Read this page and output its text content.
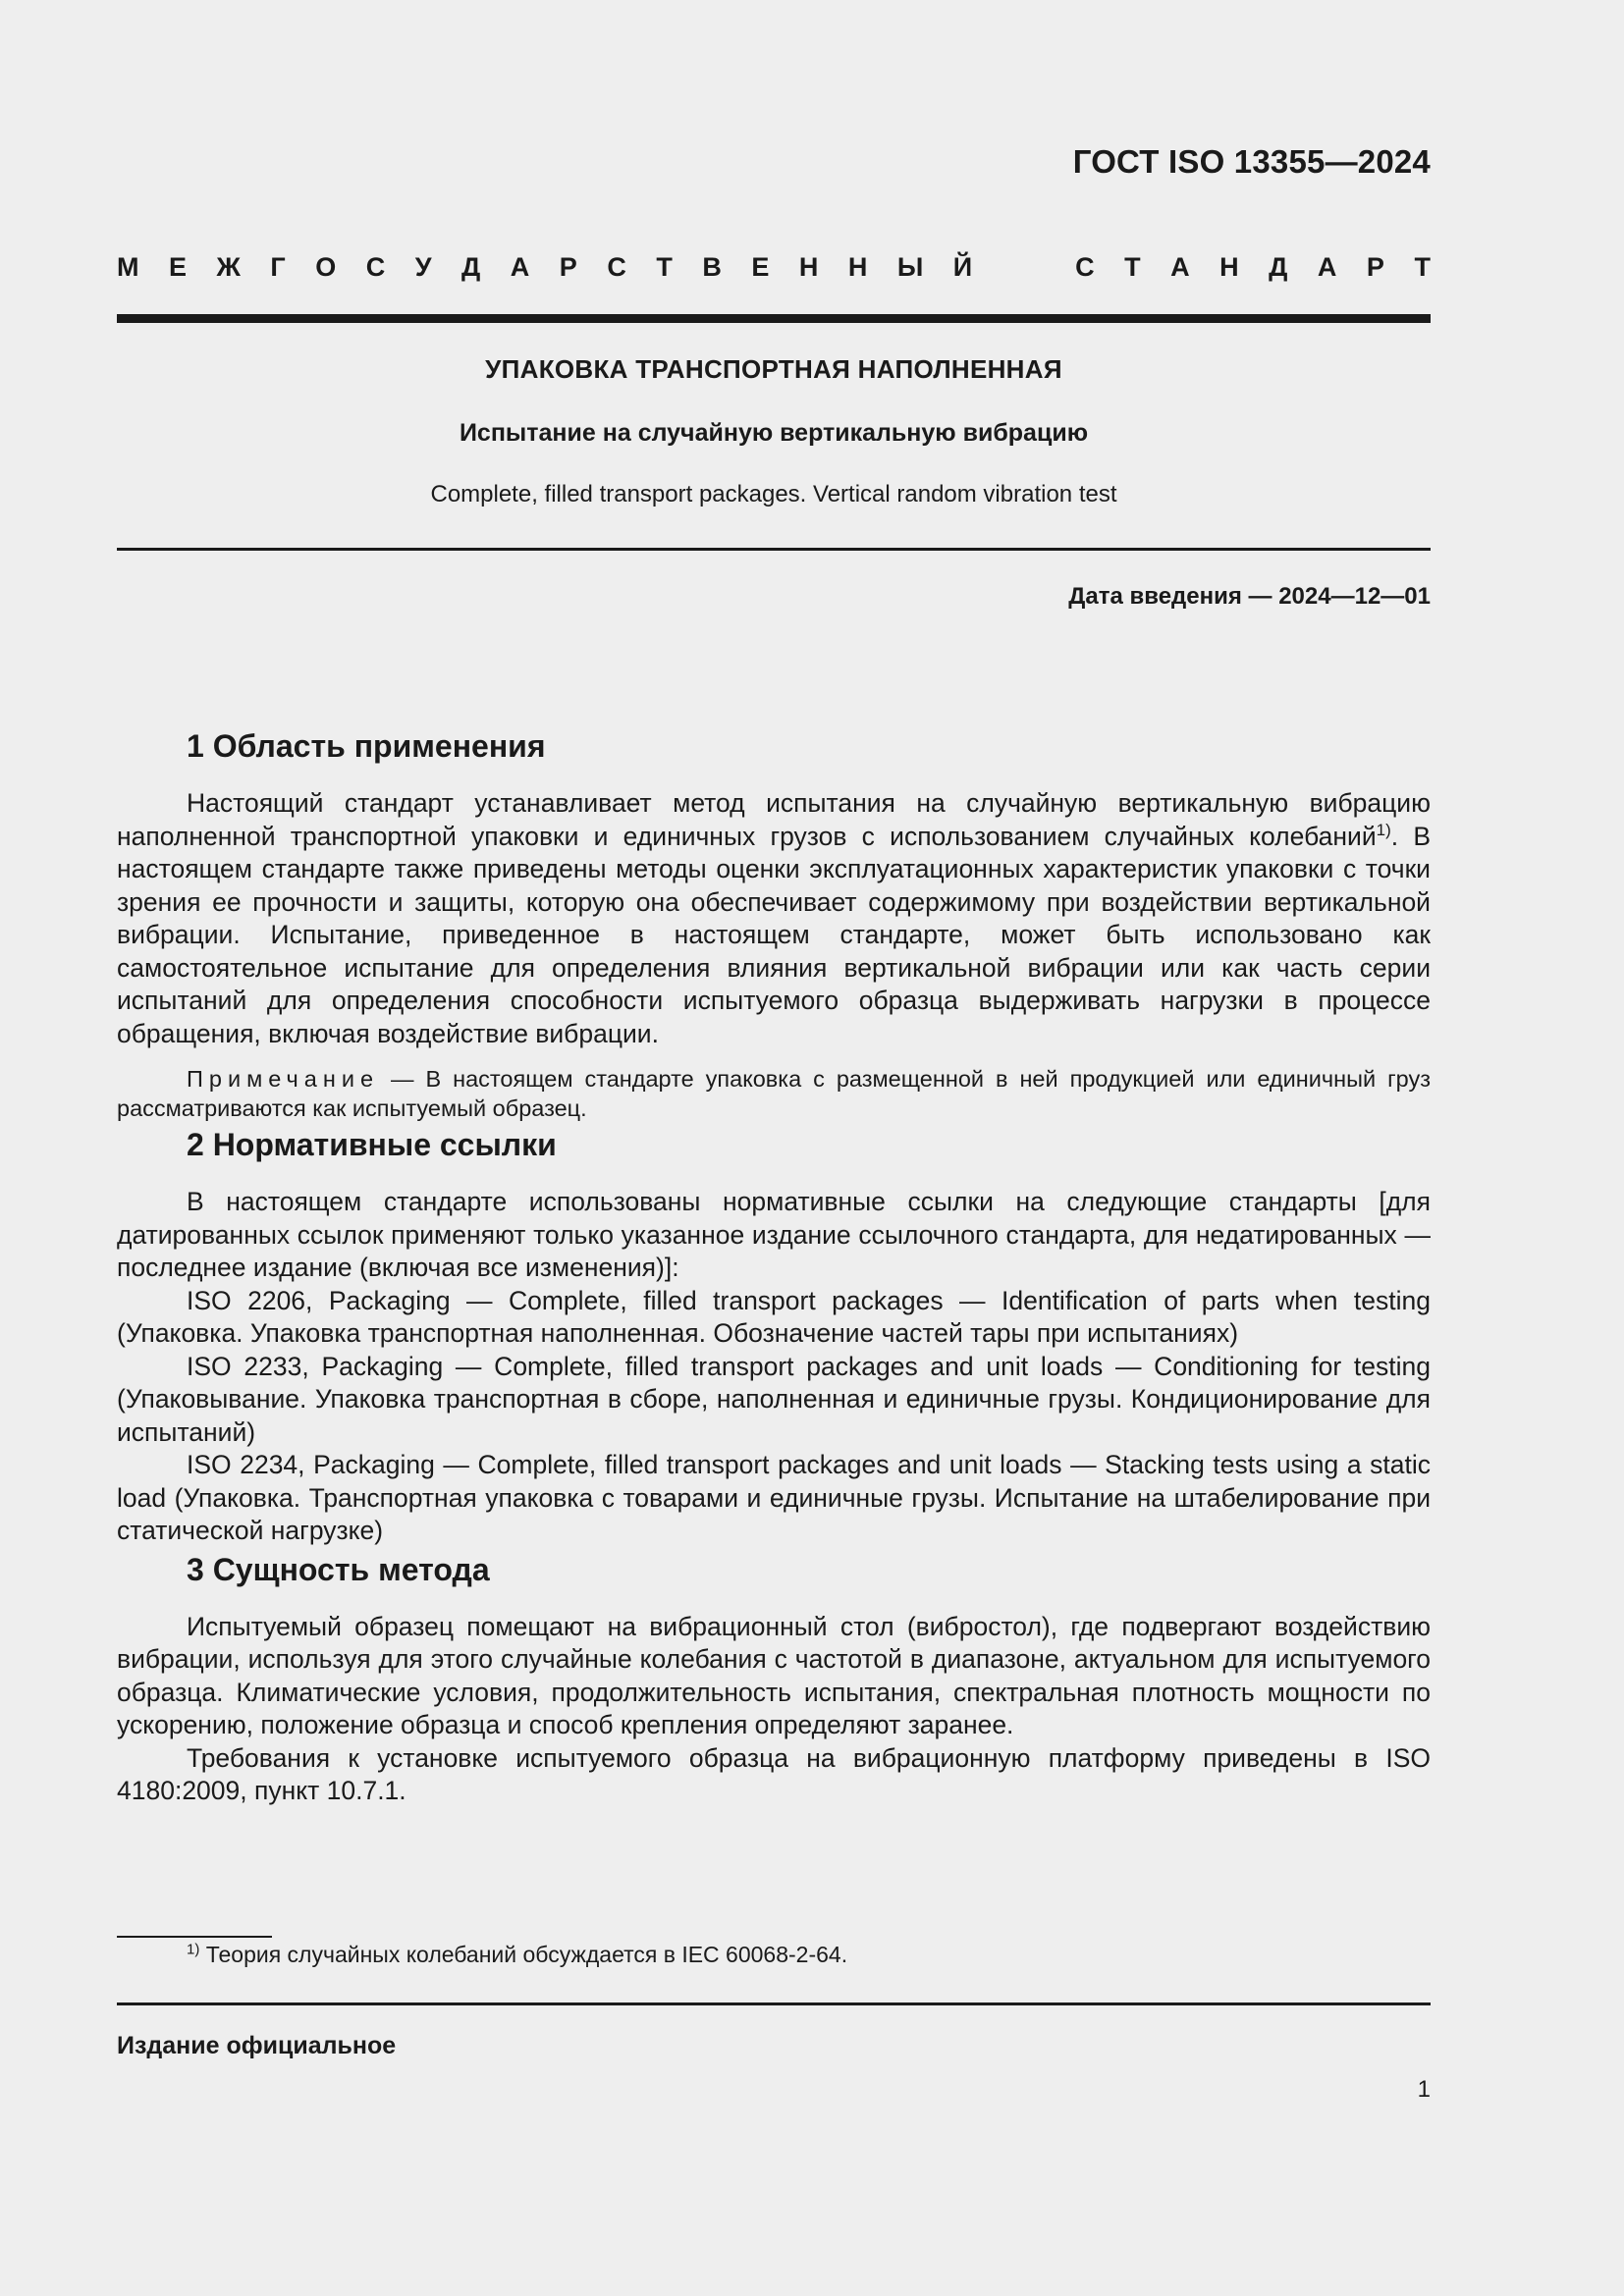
ГОСТ ISO 13355—2024
М Е Ж Г О С У Д А Р С Т В Е Н Н Ы Й	С Т А Н Д А Р Т
УПАКОВКА ТРАНСПОРТНАЯ НАПОЛНЕННАЯ
Испытание на случайную вертикальную вибрацию
Complete, filled transport packages. Vertical random vibration test
Дата введения — 2024—12—01
1 Область применения

Настоящий стандарт устанавливает метод испытания на случайную вертикальную вибрацию наполненной транспортной упаковки и единичных грузов с использованием случайных колебаний$^{1)}$. В настоящем стандарте также приведены методы оценки эксплуатационных характеристик упаковки с точки зрения ее прочности и защиты, которую она обеспечивает содержимому при воздействии вертикальной вибрации. Испытание, приведенное в настоящем стандарте, может быть использовано как самостоятельное испытание для определения влияния вертикальной вибрации или как часть серии испытаний для определения способности испытуемого образца выдерживать нагрузки в процессе обращения, включая воздействие вибрации.

Примечание — В настоящем стандарте упаковка с размещенной в ней продукцией или единичный груз рассматриваются как испытуемый образец.

2 Нормативные ссылки

В настоящем стандарте использованы нормативные ссылки на следующие стандарты [для датированных ссылок применяют только указанное издание ссылочного стандарта, для недатированных — последнее издание (включая все изменения)]:

ISO 2206, Packaging — Complete, filled transport packages — Identification of parts when testing (Упаковка. Упаковка транспортная наполненная. Обозначение частей тары при испытаниях)

ISO 2233, Packaging — Complete, filled transport packages and unit loads — Conditioning for testing (Упаковывание. Упаковка транспортная в сборе, наполненная и единичные грузы. Кондиционирование для испытаний)

ISO 2234, Packaging — Complete, filled transport packages and unit loads — Stacking tests using a static load (Упаковка. Транспортная упаковка с товарами и единичные грузы. Испытание на штабелирование при статической нагрузке)

3 Сущность метода

Испытуемый образец помещают на вибрационный стол (вибростол), где подвергают воздействию вибрации, используя для этого случайные колебания с частотой в диапазоне, актуальном для испытуемого образца. Климатические условия, продолжительность испытания, спектральная плотность мощности по ускорению, положение образца и способ крепления определяют заранее.

Требования к установке испытуемого образца на вибрационную платформу приведены в ISO 4180:2009, пункт 10.7.1.

$^{1)}$ Теория случайных колебаний обсуждается в IEC 60068-2-64.
Издание официальное
1
